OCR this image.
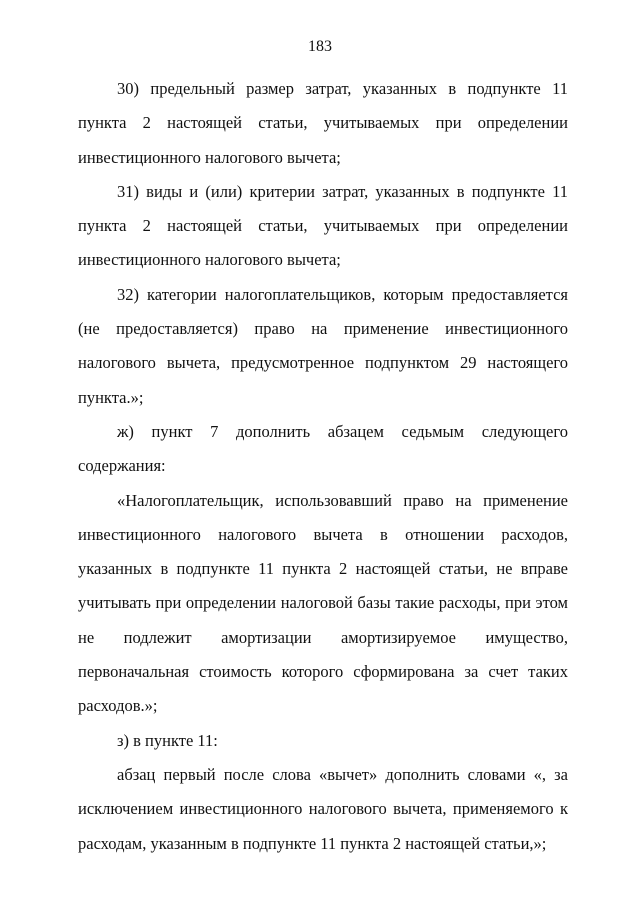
183

30) предельный размер затрат, указанных в подпункте 11 пункта 2 настоящей статьи, учитываемых при определении инвестиционного налогового вычета;

31) виды и (или) критерии затрат, указанных в подпункте 11 пункта 2 настоящей статьи, учитываемых при определении инвестиционного налогового вычета;

32) категории налогоплательщиков, которым предоставляется (не предоставляется) право на применение инвестиционного налогового вычета, предусмотренное подпунктом 29 настоящего пункта.»;

ж) пункт 7 дополнить абзацем седьмым следующего содержания:

«Налогоплательщик, использовавший право на применение инвестиционного налогового вычета в отношении расходов, указанных в подпункте 11 пункта 2 настоящей статьи, не вправе учитывать при определении налоговой базы такие расходы, при этом не подлежит амортизации амортизируемое имущество, первоначальная стоимость которого сформирована за счет таких расходов.»;

з) в пункте 11:

абзац первый после слова «вычет» дополнить словами «, за исключением инвестиционного налогового вычета, применяемого к расходам, указанным в подпункте 11 пункта 2 настоящей статьи,»;
